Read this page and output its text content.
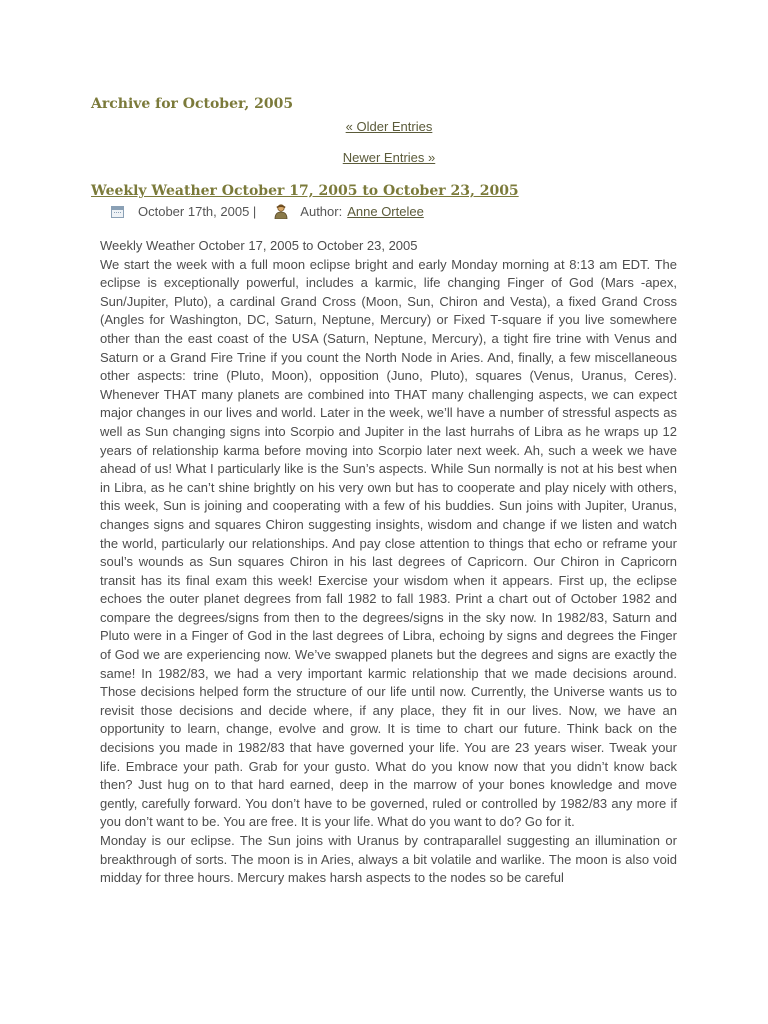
Archive for October, 2005
« Older Entries
Newer Entries »
Weekly Weather October 17, 2005 to October 23, 2005
October 17th, 2005 |	Author: Anne Ortelee
Weekly Weather October 17, 2005 to October 23, 2005
We start the week with a full moon eclipse bright and early Monday morning at 8:13 am EDT. The eclipse is exceptionally powerful, includes a karmic, life changing Finger of God (Mars -apex, Sun/Jupiter, Pluto), a cardinal Grand Cross (Moon, Sun, Chiron and Vesta), a fixed Grand Cross (Angles for Washington, DC, Saturn, Neptune, Mercury) or Fixed T-square if you live somewhere other than the east coast of the USA (Saturn, Neptune, Mercury), a tight fire trine with Venus and Saturn or a Grand Fire Trine if you count the North Node in Aries. And, finally, a few miscellaneous other aspects: trine (Pluto, Moon), opposition (Juno, Pluto), squares (Venus, Uranus, Ceres). Whenever THAT many planets are combined into THAT many challenging aspects, we can expect major changes in our lives and world. Later in the week, we’ll have a number of stressful aspects as well as Sun changing signs into Scorpio and Jupiter in the last hurrahs of Libra as he wraps up 12 years of relationship karma before moving into Scorpio later next week. Ah, such a week we have ahead of us! What I particularly like is the Sun’s aspects. While Sun normally is not at his best when in Libra, as he can’t shine brightly on his very own but has to cooperate and play nicely with others, this week, Sun is joining and cooperating with a few of his buddies. Sun joins with Jupiter, Uranus, changes signs and squares Chiron suggesting insights, wisdom and change if we listen and watch the world, particularly our relationships. And pay close attention to things that echo or reframe your soul’s wounds as Sun squares Chiron in his last degrees of Capricorn. Our Chiron in Capricorn transit has its final exam this week! Exercise your wisdom when it appears. First up, the eclipse echoes the outer planet degrees from fall 1982 to fall 1983. Print a chart out of October 1982 and compare the degrees/signs from then to the degrees/signs in the sky now. In 1982/83, Saturn and Pluto were in a Finger of God in the last degrees of Libra, echoing by signs and degrees the Finger of God we are experiencing now. We’ve swapped planets but the degrees and signs are exactly the same! In 1982/83, we had a very important karmic relationship that we made decisions around. Those decisions helped form the structure of our life until now. Currently, the Universe wants us to revisit those decisions and decide where, if any place, they fit in our lives. Now, we have an opportunity to learn, change, evolve and grow. It is time to chart our future. Think back on the decisions you made in 1982/83 that have governed your life. You are 23 years wiser. Tweak your life. Embrace your path. Grab for your gusto. What do you know now that you didn’t know back then? Just hug on to that hard earned, deep in the marrow of your bones knowledge and move gently, carefully forward. You don’t have to be governed, ruled or controlled by 1982/83 any more if you don’t want to be. You are free. It is your life. What do you want to do? Go for it.
Monday is our eclipse. The Sun joins with Uranus by contraparallel suggesting an illumination or breakthrough of sorts. The moon is in Aries, always a bit volatile and warlike. The moon is also void midday for three hours. Mercury makes harsh aspects to the nodes so be careful
